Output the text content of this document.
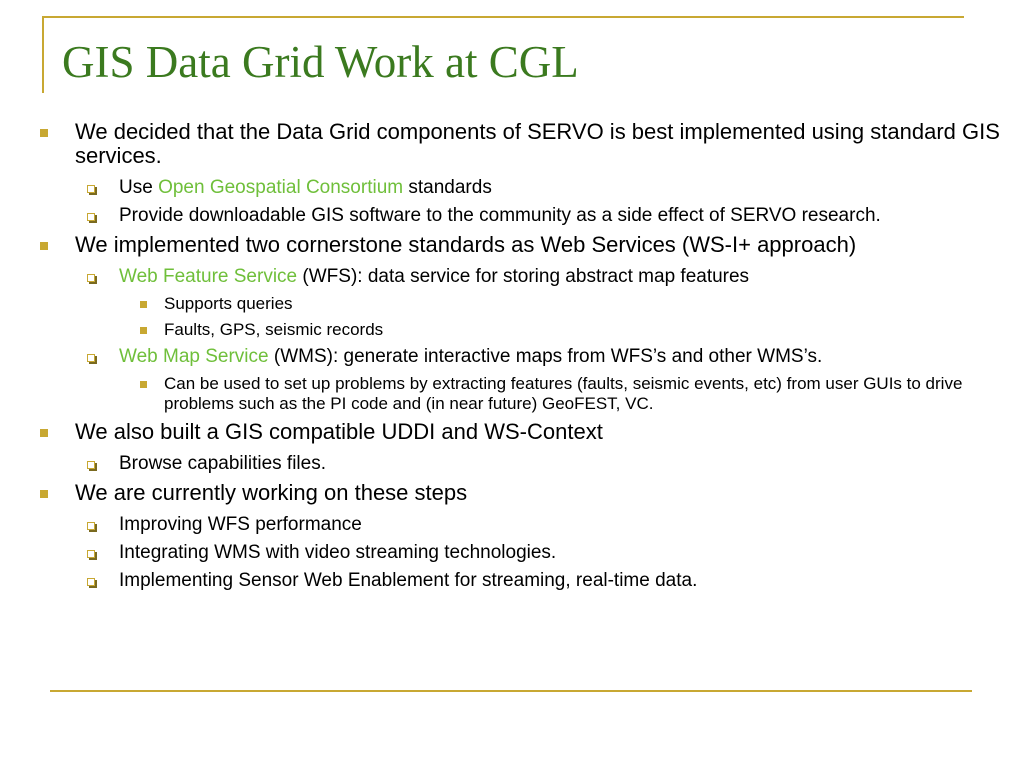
GIS Data Grid Work at CGL
We decided that the Data Grid components of SERVO is best implemented using standard GIS services.
Use Open Geospatial Consortium standards
Provide downloadable GIS software to the community as a side effect of SERVO research.
We implemented two cornerstone standards as Web Services (WS-I+ approach)
Web Feature Service (WFS): data service for storing abstract map features
Supports queries
Faults, GPS, seismic records
Web Map Service (WMS): generate interactive maps from WFS’s and other WMS’s.
Can be used to set up problems by extracting features (faults, seismic events, etc) from user GUIs to drive problems such as the PI code and (in near future) GeoFEST, VC.
We also built a GIS compatible UDDI and WS-Context
Browse capabilities files.
We are currently working on these steps
Improving WFS performance
Integrating WMS with video streaming technologies.
Implementing Sensor Web Enablement for streaming, real-time data.
